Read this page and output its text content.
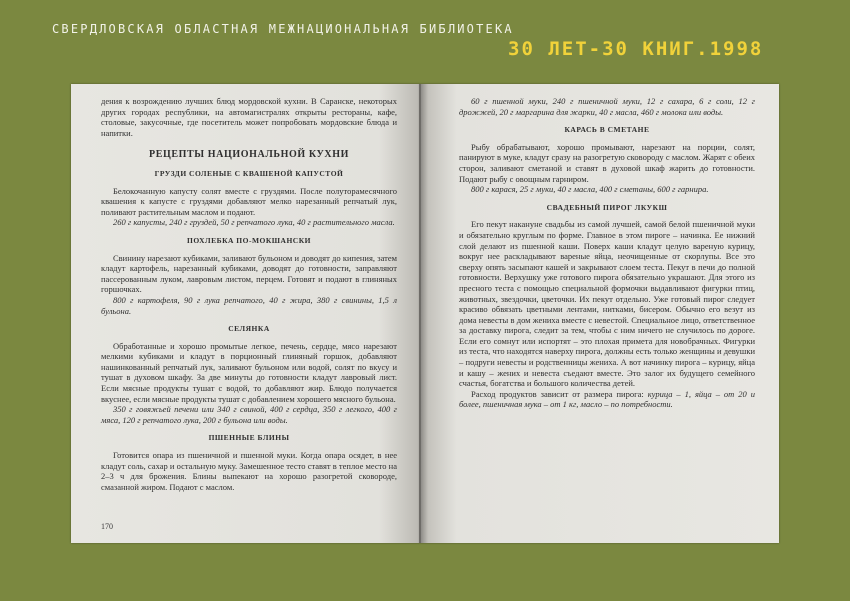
СВЕРДЛОВСКАЯ ОБЛАСТНАЯ МЕЖНАЦИОНАЛЬНАЯ БИБЛИОТЕКА
30 ЛЕТ-30 КНИГ.1998

дения к возрождению лучших блюд мордовской кухни. В Саранске, некоторых других городах республики, на автомагистралях открыты рестораны, кафе, столовые, закусочные, где посетитель может попробовать мордовские блюда и напитки.

РЕЦЕПТЫ НАЦИОНАЛЬНОЙ КУХНИ
ГРУЗДИ СОЛЕНЫЕ С КВАШЕНОЙ КАПУСТОЙ

Белокочанную капусту солят вместе с груздями. После полуторамесячного квашения к капусте с груздями добавляют мелко нарезанный репчатый лук, поливают растительным маслом и подают.

260 г капусты, 240 г груздей, 50 г репчатого лука, 40 г растительного масла.

ПОХЛЕБКА ПО-МОКШАНСКИ

Свинину нарезают кубиками, заливают бульоном и доводят до кипения, затем кладут картофель, нарезанный кубиками, доводят до готовности, заправляют пассерованным луком, лавровым листом, перцем. Готовят и подают в глиняных горшочках.

800 г картофеля, 90 г лука репчатого, 40 г жира, 380 г свинины, 1,5 л бульона.

СЕЛЯНКА

Обработанные и хорошо промытые легкое, печень, сердце, мясо нарезают мелкими кубиками и кладут в порционный глиняный горшок, добавляют нашинкованный репчатый лук, заливают бульоном или водой, солят по вкусу и тушат в духовом шкафу. За две минуты до готовности кладут лавровый лист. Если мясные продукты тушат с водой, то добавляют жир. Блюдо получается вкуснее, если мясные продукты тушат с добавлением хорошего мясного бульона.

350 г говяжьей печени или 340 г свиной, 400 г сердца, 350 г легкого, 400 г мяса, 120 г репчатого лука, 200 г бульона или воды.

ПШЕННЫЕ БЛИНЫ

Готовится опара из пшеничной и пшенной муки. Когда опара осядет, в нее кладут соль, сахар и остальную муку. Замешенное тесто ставят в теплое место на 2–3 ч для брожения. Блины выпекают на хорошо разогретой сковороде, смазанной жиром. Подают с маслом.

170

60 г пшенной муки, 240 г пшеничной муки, 12 г сахара, 6 г соли, 12 г дрожжей, 20 г маргарина для жарки, 40 г масла, 460 г молока или воды.

КАРАСЬ В СМЕТАНЕ

Рыбу обрабатывают, хорошо промывают, нарезают на порции, солят, панируют в муке, кладут сразу на разогретую сковороду с маслом. Жарят с обеих сторон, заливают сметаной и ставят в духовой шкаф жарить до готовности. Подают рыбу с овощным гарниром.

800 г карася, 25 г муки, 40 г масла, 400 г сметаны, 600 г гарнира.

СВАДЕБНЫЙ ПИРОГ ЛКУКШ

Его пекут накануне свадьбы из самой лучшей, самой белой пшеничной муки и обязательно круглым по форме. Главное в этом пироге – начинка. Ее нижний слой делают из пшенной каши. Поверх каши кладут целую вареную курицу, вокруг нее раскладывают вареные яйца, неочищенные от скорлупы. Все это сверху опять засыпают кашей и закрывают слоем теста. Пекут в печи до полной готовности. Верхушку уже готового пирога обязательно украшают. Для этого из пресного теста с помощью специальной формочки выдавливают фигурки птиц, животных, звездочки, цветочки. Их пекут отдельно. Уже готовый пирог следует красиво обвязать цветными лентами, нитками, бисером. Обычно его везут из дома невесты в дом жениха вместе с невестой. Специальное лицо, ответственное за доставку пирога, следит за тем, чтобы с ним ничего не случилось по дороге. Если его сомнут или испортят – это плохая примета для новобрачных. Фигурки из теста, что находятся наверху пирога, должны есть только женщины и девушки – подруги невесты и родственницы жениха. А вот начинку пирога – курицу, яйца и кашу – жених и невеста съедают вместе. Это залог их будущего семейного счастья, богатства и большого количества детей.

Расход продуктов зависит от размера пирога: курица – 1, яйца – от 20 и более, пшеничная мука – от 1 кг, масло – по потребности.
